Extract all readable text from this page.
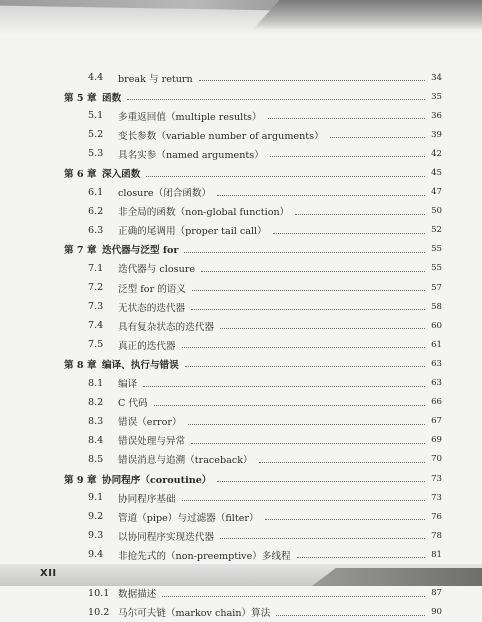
4.4	break 与 return	34
第 5 章 函数	35
5.1	多重返回值（multiple results）	36
5.2	变长参数（variable number of arguments）	39
5.3	具名实参（named arguments）	42
第 6 章 深入函数	45
6.1	closure（闭合函数）	47
6.2	非全局的函数（non-global function）	50
6.3	正确的尾调用（proper tail call）	52
第 7 章 迭代器与泛型 for	55
7.1	迭代器与 closure	55
7.2	泛型 for 的语义	57
7.3	无状态的迭代器	58
7.4	具有复杂状态的迭代器	60
7.5	真正的迭代器	61
第 8 章 编译、执行与错误	63
8.1	编译	63
8.2	C 代码	66
8.3	错误（error）	67
8.4	错误处理与异常	69
8.5	错误消息与追溯（traceback）	70
第 9 章 协同程序（coroutine）	73
9.1	协同程序基础	73
9.2	管道（pipe）与过滤器（filter）	76
9.3	以协同程序实现迭代器	78
9.4	非抢先式的（non-preemptive）多线程	81
10.1 数据描述	87
10.2 马尔可夫链（markov chain）算法	90
XII
